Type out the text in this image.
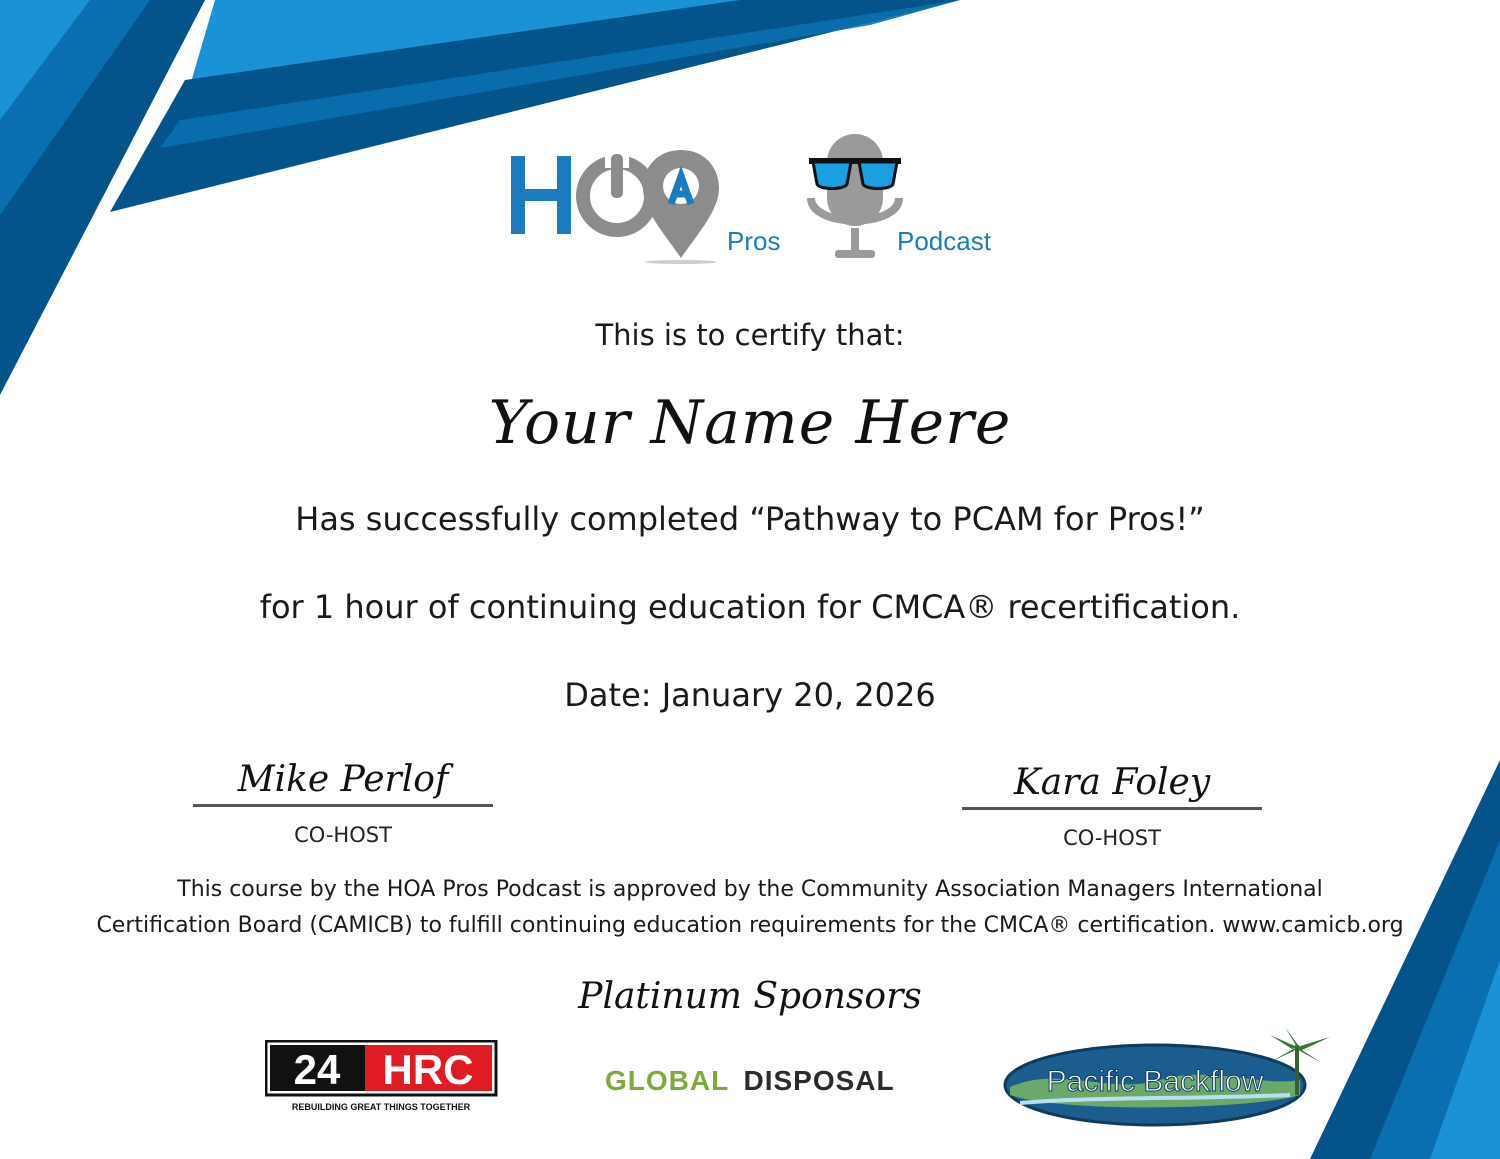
Pros	Podcast
This is to certify that:
Your Name Here
Has successfully completed “Pathway to PCAM for Pros!”
for 1 hour of continuing education for CMCA® recertification.
Date: January 20, 2026
Mike Perlof
CO-HOST
Kara Foley
CO-HOST
This course by the HOA Pros Podcast is approved by the Community Association Managers International
Certification Board (CAMICB) to fulfill continuing education requirements for the CMCA® certification. www.camicb.org
Platinum Sponsors
24 HRC
REBUILDING GREAT THINGS TOGETHER
GLOBAL DISPOSAL	Pacific Backflow
